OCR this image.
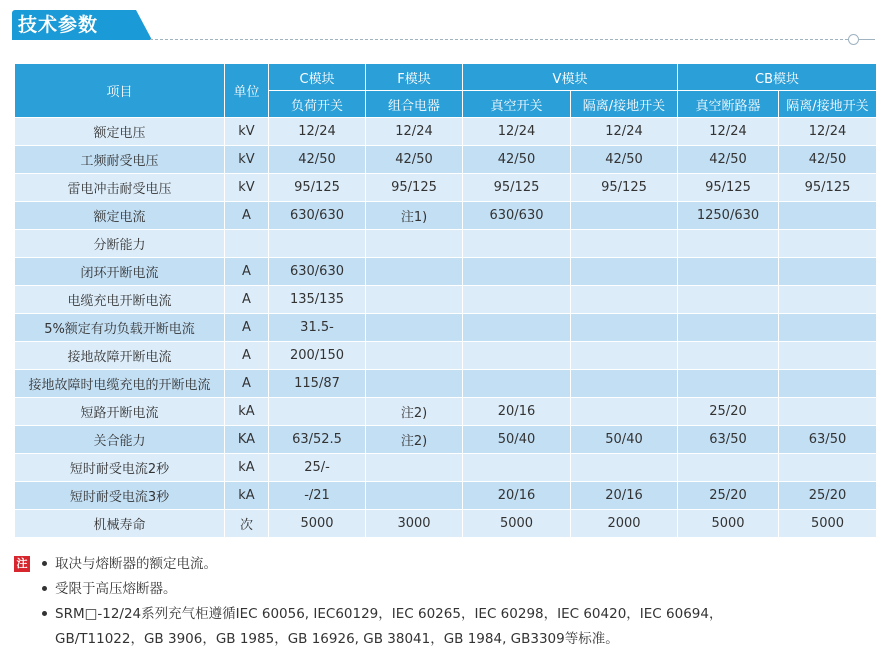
技术参数
项目	单位	C模块	F模块	V模块		CB模块	
		负荷开关	组合电器	真空开关	隔离/接地开关	真空断路器	隔离/接地开关
额定电压	kV	12/24	12/24	12/24	12/24	12/24	12/24
工频耐受电压	kV	42/50	42/50	42/50	42/50	42/50	42/50
雷电冲击耐受电压	kV	95/125	95/125	95/125	95/125	95/125	95/125
额定电流	A	630/630	注1)	630/630		1250/630	
分断能力							
闭环开断电流	A	630/630					
电缆充电开断电流	A	135/135					
5%额定有功负载开断电流	A	31.5-					
接地故障开断电流	A	200/150					
接地故障时电缆充电的开断电流	A	115/87					
短路开断电流	kA		注2)	20/16		25/20	
关合能力	KA	63/52.5	注2)	50/40	50/40	63/50	63/50
短时耐受电流2秒	kA	25/-					
短时耐受电流3秒	kA	-/21		20/16	20/16	25/20	25/20
机械寿命	次	5000	3000	5000	2000	5000	5000
注	取决与熔断器的额定电流。
受限于高压熔断器。
SRM□-12/24系列充气柜遵循IEC 60056, IEC60129，IEC 60265，IEC 60298，IEC 60420，IEC 60694，
GB/T11022，GB 3906，GB 1985，GB 16926, GB 38041，GB 1984, GB3309等标准。
